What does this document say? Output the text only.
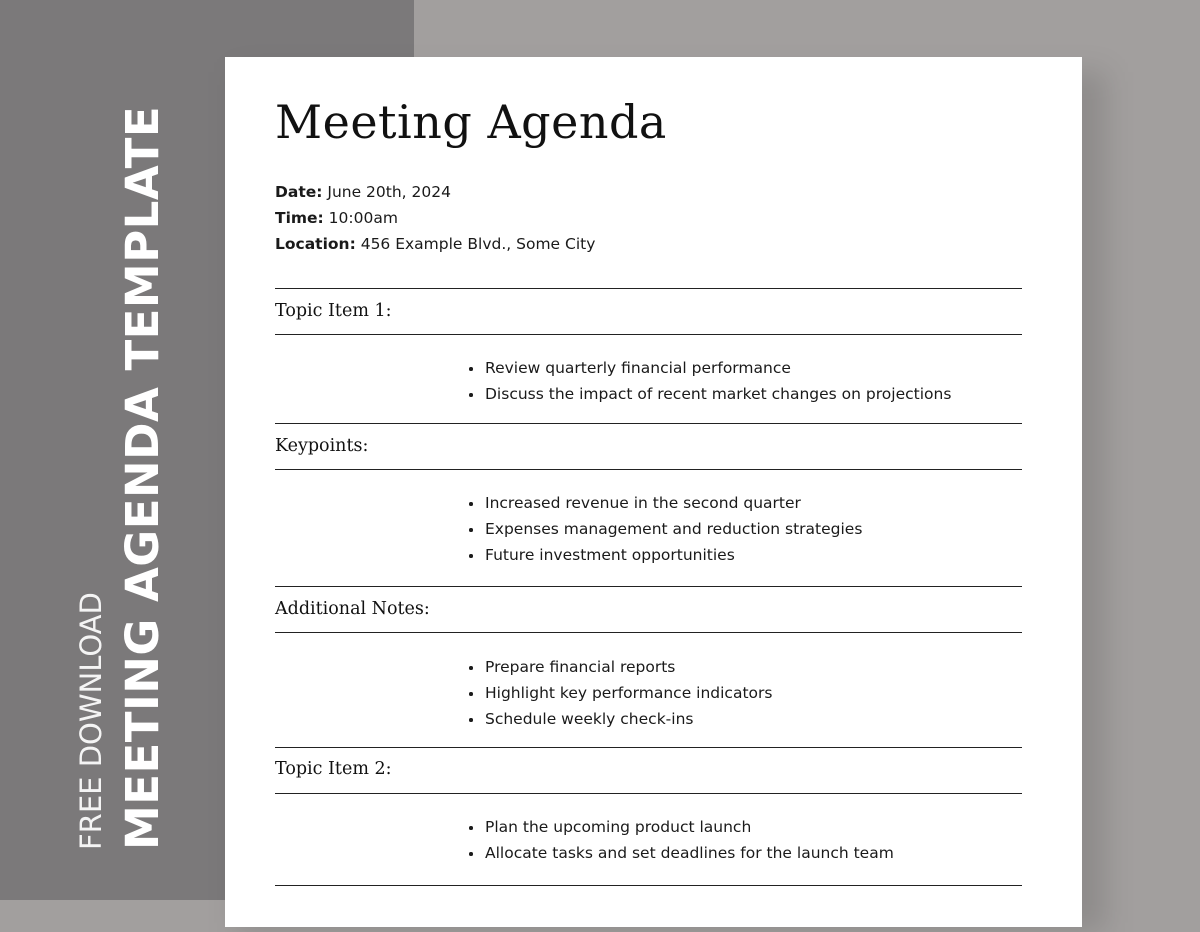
FREE DOWNLOAD MEETING AGENDA TEMPLATE Meeting Agenda
Date: June 20th, 2024
Time: 10:00am
Location: 456 Example Blvd., Some City
Topic Item 1:
Review quarterly financial performance
Discuss the impact of recent market changes on projections
Keypoints:
Increased revenue in the second quarter
Expenses management and reduction strategies
Future investment opportunities
Additional Notes:
Prepare financial reports
Highlight key performance indicators
Schedule weekly check-ins
Topic Item 2:
Plan the upcoming product launch
Allocate tasks and set deadlines for the launch team
